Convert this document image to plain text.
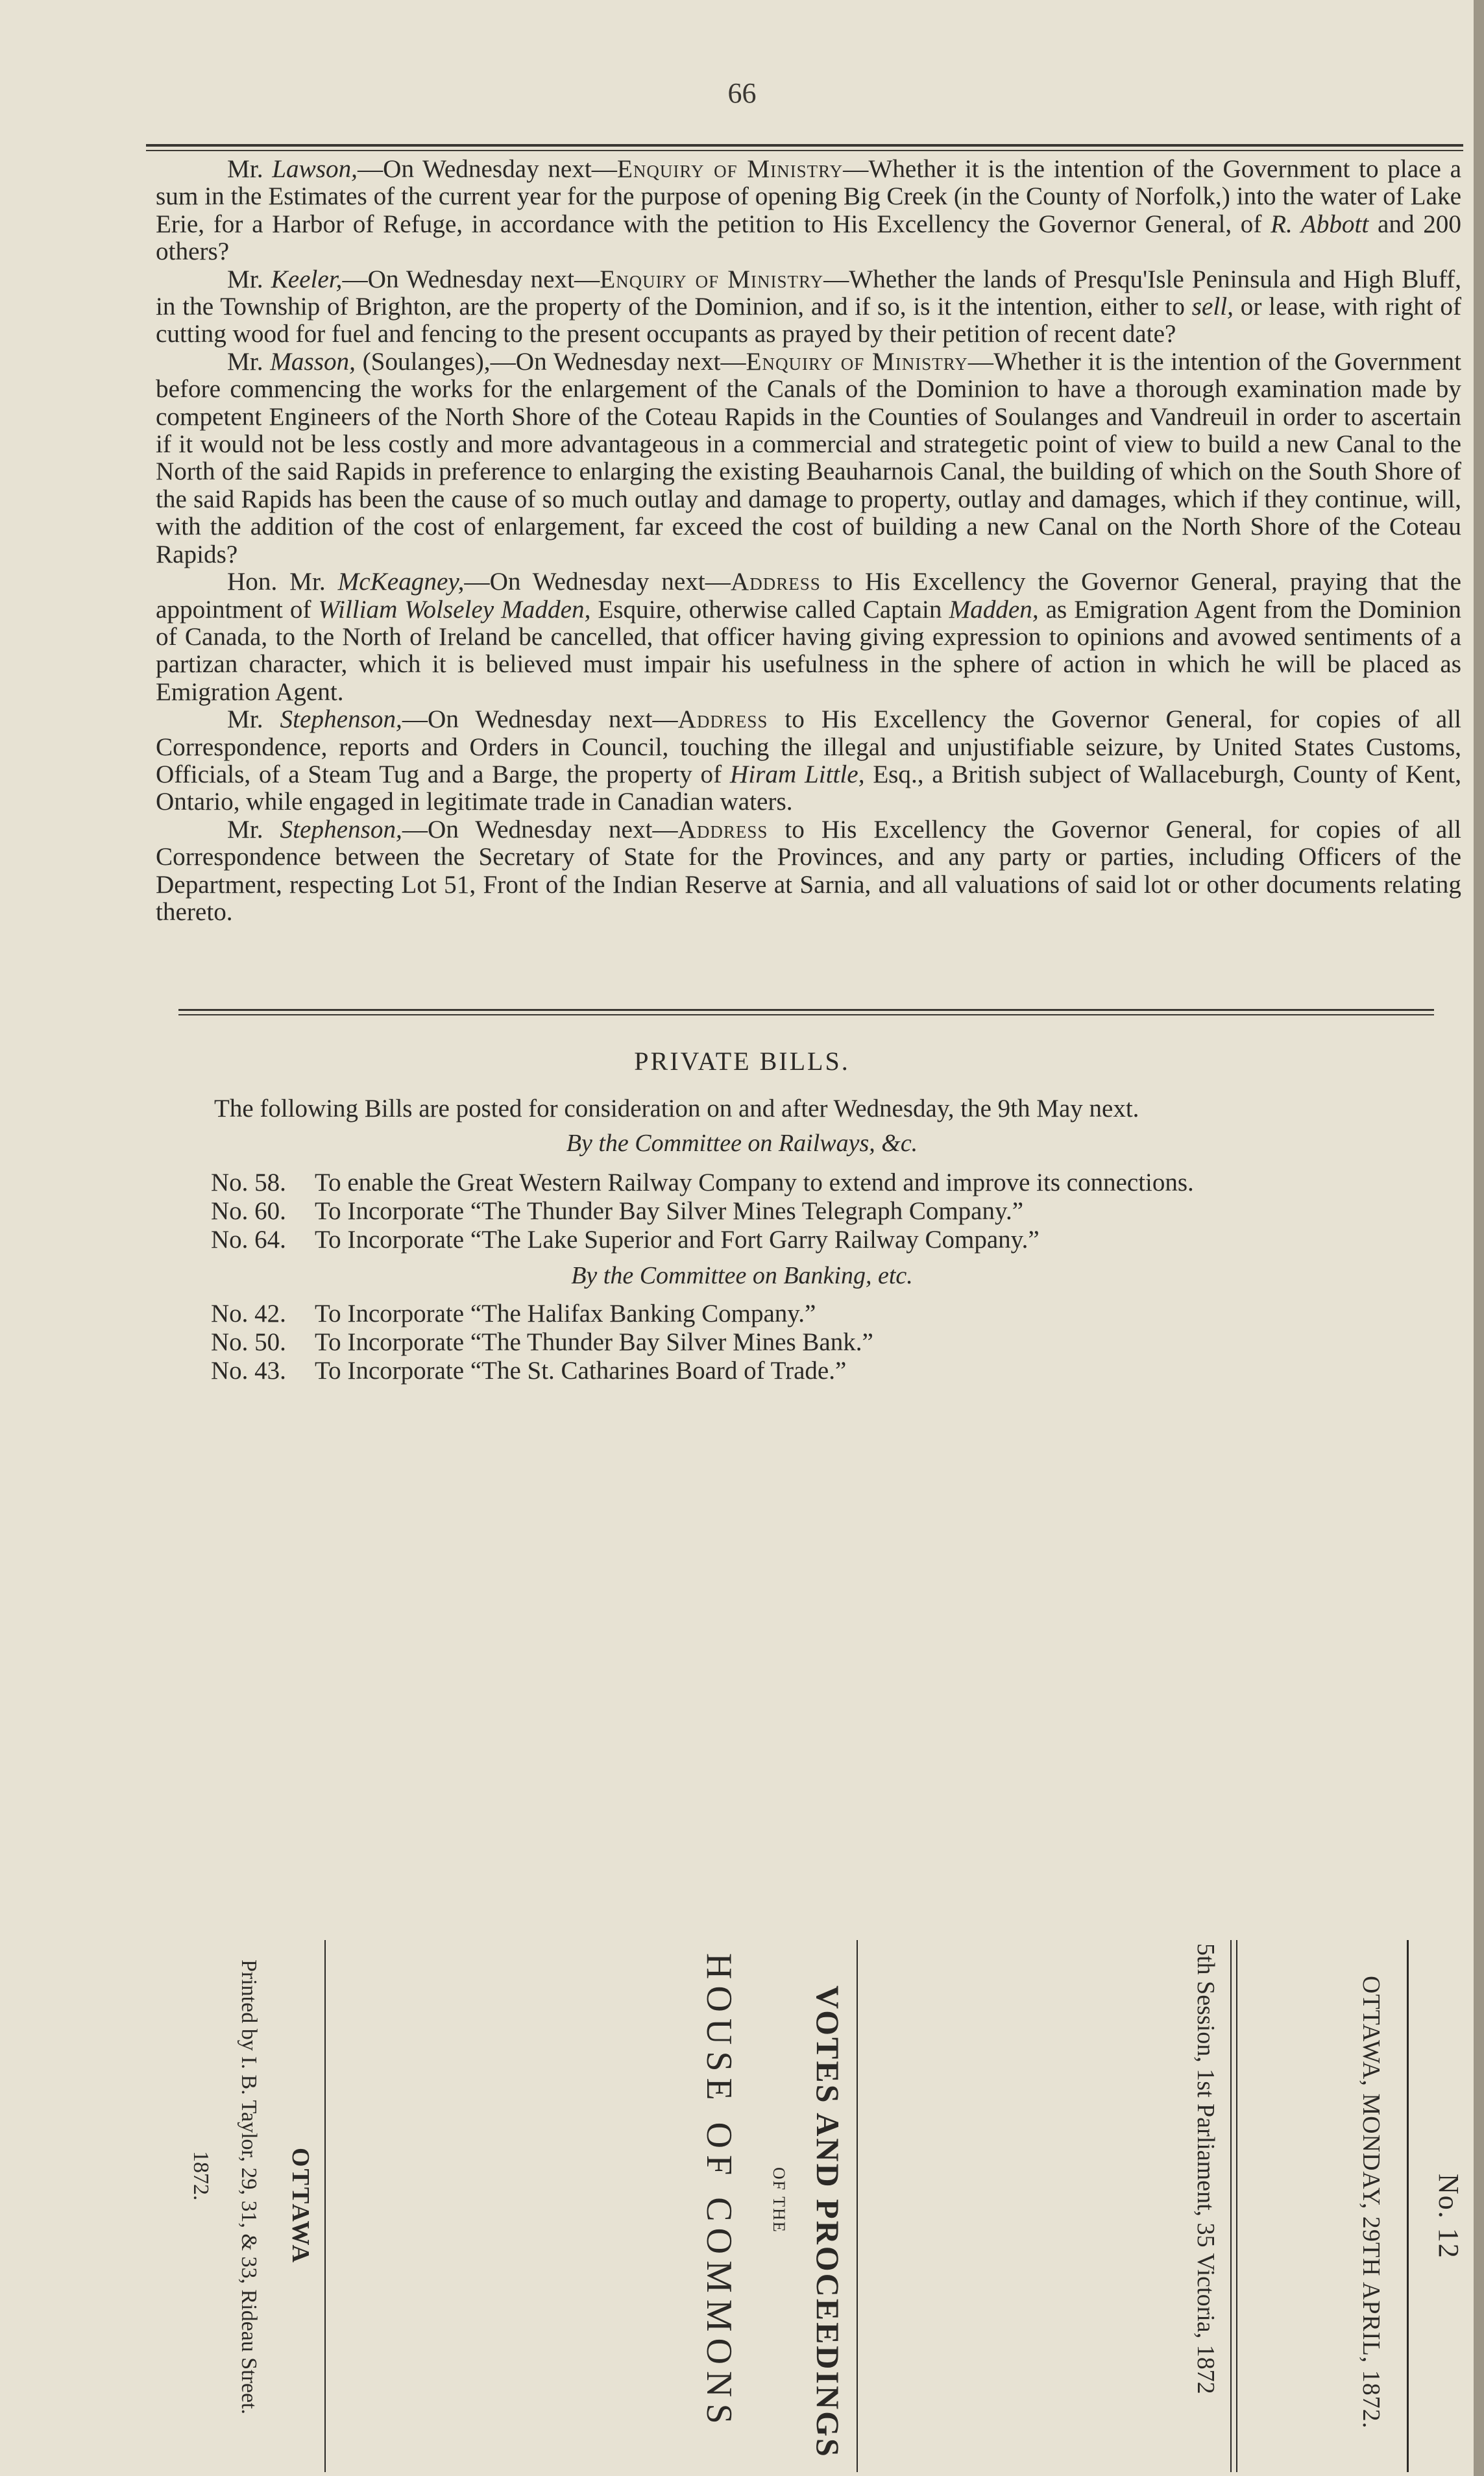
66

Mr. Lawson,—On Wednesday next—Enquiry of Ministry—Whether it is the intention of the Government to place a sum in the Estimates of the current year for the purpose of opening Big Creek (in the County of Norfolk,) into the water of Lake Erie, for a Harbor of Refuge, in accordance with the petition to His Excellency the Governor General, of R. Abbott and 200 others?

Mr. Keeler,—On Wednesday next—Enquiry of Ministry—Whether the lands of Presqu'Isle Peninsula and High Bluff, in the Township of Brighton, are the property of the Dominion, and if so, is it the intention, either to sell, or lease, with right of cutting wood for fuel and fencing to the present occupants as prayed by their petition of recent date?

Mr. Masson, (Soulanges),—On Wednesday next—Enquiry of Ministry—Whether it is the intention of the Government before commencing the works for the enlargement of the Canals of the Dominion to have a thorough examination made by competent Engineers of the North Shore of the Coteau Rapids in the Counties of Soulanges and Vandreuil in order to ascertain if it would not be less costly and more advantageous in a commercial and strategetic point of view to build a new Canal to the North of the said Rapids in preference to enlarging the existing Beauharnois Canal, the building of which on the South Shore of the said Rapids has been the cause of so much outlay and damage to property, outlay and damages, which if they continue, will, with the addition of the cost of enlargement, far exceed the cost of building a new Canal on the North Shore of the Coteau Rapids?

Hon. Mr. McKeagney,—On Wednesday next—Address to His Excellency the Governor General, praying that the appointment of William Wolseley Madden, Esquire, otherwise called Captain Madden, as Emigration Agent from the Dominion of Canada, to the North of Ireland be cancelled, that officer having giving expression to opinions and avowed sentiments of a partizan character, which it is believed must impair his usefulness in the sphere of action in which he will be placed as Emigration Agent.

Mr. Stephenson,—On Wednesday next—Address to His Excellency the Governor General, for copies of all Correspondence, reports and Orders in Council, touching the illegal and unjustifiable seizure, by United States Customs, Officials, of a Steam Tug and a Barge, the property of Hiram Little, Esq., a British subject of Wallaceburgh, County of Kent, Ontario, while engaged in legitimate trade in Canadian waters.

Mr. Stephenson,—On Wednesday next—Address to His Excellency the Governor General, for copies of all Correspondence between the Secretary of State for the Provinces, and any party or parties, including Officers of the Department, respecting Lot 51, Front of the Indian Reserve at Sarnia, and all valuations of said lot or other documents relating thereto.

PRIVATE BILLS.
The following Bills are posted for consideration on and after Wednesday, the 9th May next.
By the Committee on Railways, &c.
No. 58. To enable the Great Western Railway Company to extend and improve its connections.
No. 60. To Incorporate “The Thunder Bay Silver Mines Telegraph Company.”
No. 64. To Incorporate “The Lake Superior and Fort Garry Railway Company.”
By the Committee on Banking, etc.
No. 42. To Incorporate “The Halifax Banking Company.”
No. 50. To Incorporate “The Thunder Bay Silver Mines Bank.”
No. 43. To Incorporate “The St. Catharines Board of Trade.”
No. 12
OTTAWA, MONDAY, 29TH APRIL, 1872.
5th Session, 1st Parliament, 35 Victoria, 1872
VOTES AND PROCEEDINGS
OF THE
HOUSE OF COMMONS
OTTAWA
Printed by I. B. Taylor, 29, 31, & 33, Rideau Street.
1872.
